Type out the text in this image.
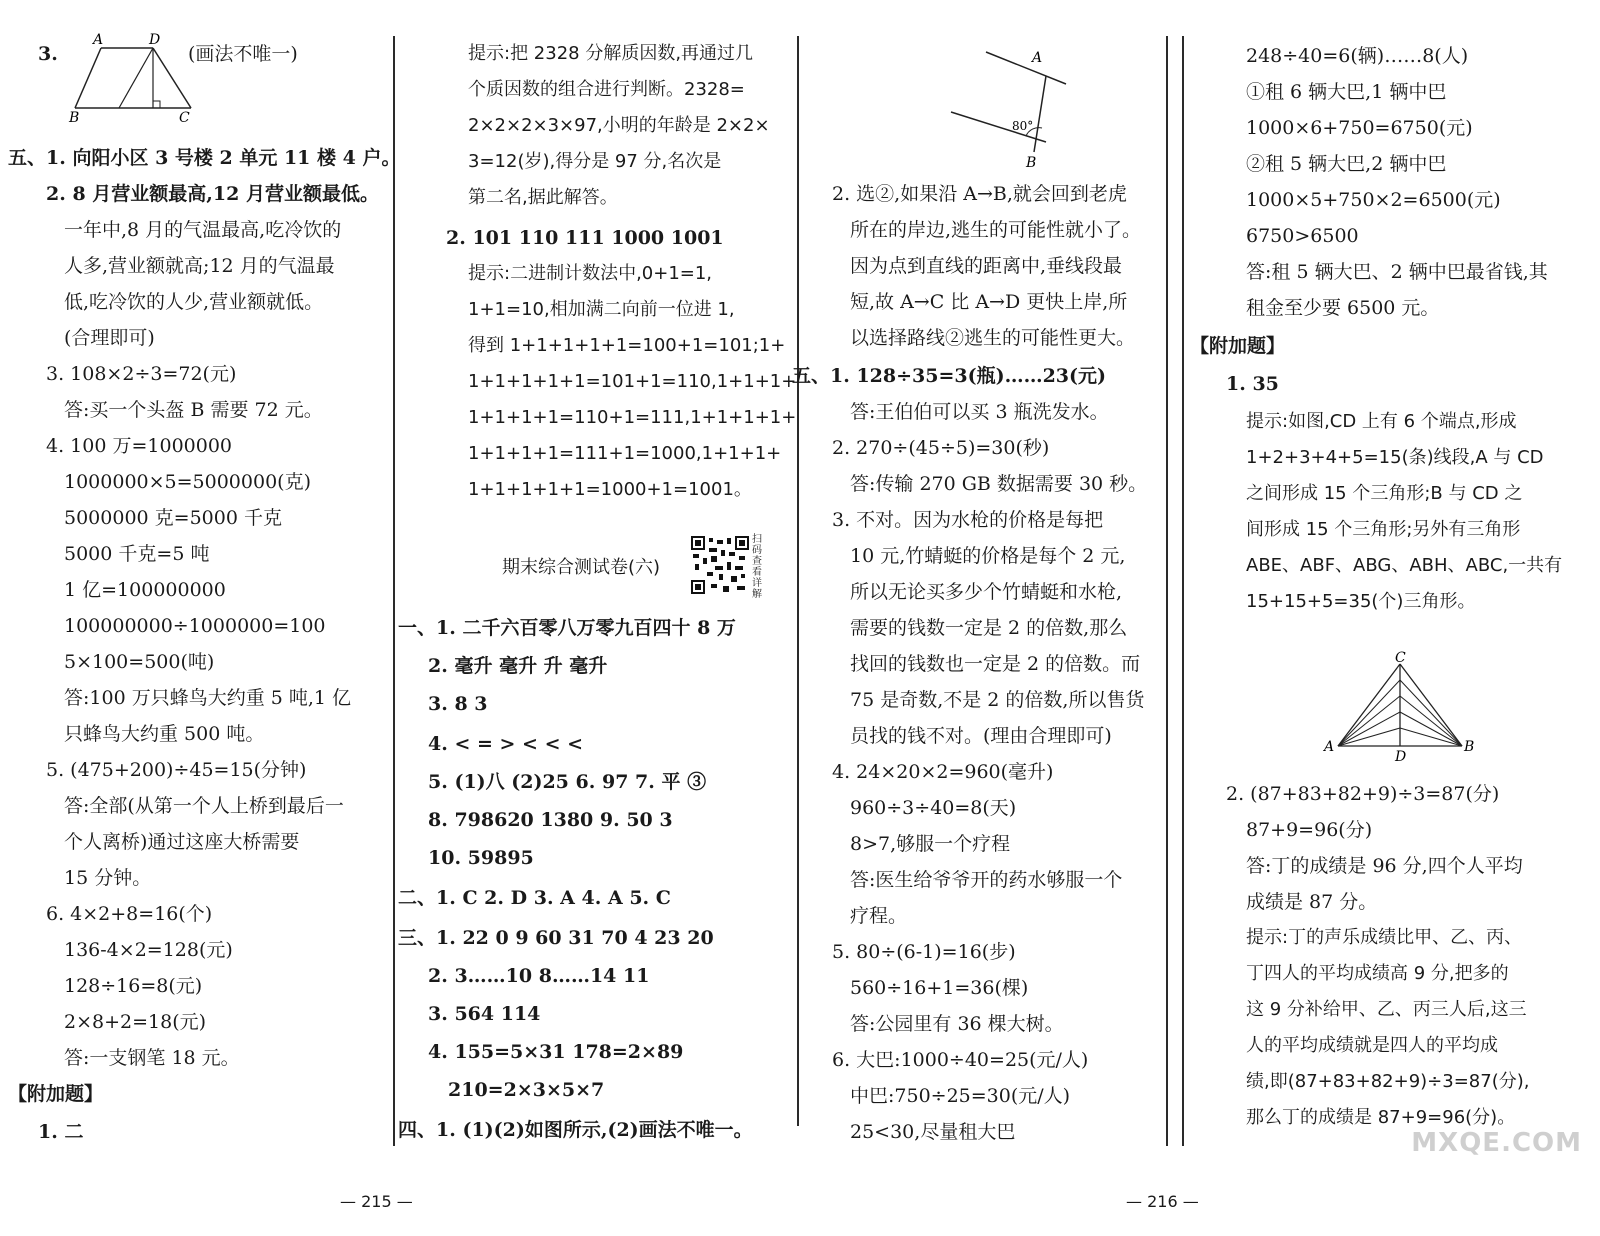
3.
A	D
B	C
(画法不唯一)
五、1. 向阳小区 3 号楼 2 单元 11 楼 4 户。
2. 8 月营业额最高,12 月营业额最低。
一年中,8 月的气温最高,吃冷饮的
人多,营业额就高;12 月的气温最
低,吃冷饮的人少,营业额就低。
(合理即可)
3. 108×2÷3=72(元)
答:买一个头盔 B 需要 72 元。
4. 100 万=1000000
1000000×5=5000000(克)
5000000 克=5000 千克
5000 千克=5 吨
1 亿=100000000
100000000÷1000000=100
5×100=500(吨)
答:100 万只蜂鸟大约重 5 吨,1 亿
只蜂鸟大约重 500 吨。
5. (475+200)÷45=15(分钟)
答:全部(从第一个人上桥到最后一
个人离桥)通过这座大桥需要
15 分钟。
6. 4×2+8=16(个)
136-4×2=128(元)
128÷16=8(元)
2×8+2=18(元)
答:一支钢笔 18 元。
【附加题】
1. 二
— 215 —
提示:把 2328 分解质因数,再通过几
个质因数的组合进行判断。2328=
2×2×2×3×97,小明的年龄是 2×2×
3=12(岁),得分是 97 分,名次是
第二名,据此解答。
2. 101 110 111 1000 1001
提示:二进制计数法中,0+1=1,
1+1=10,相加满二向前一位进 1,
得到 1+1+1+1+1=100+1=101;1+
1+1+1+1+1=101+1=110,1+1+1+
1+1+1+1=110+1=111,1+1+1+1+
1+1+1+1=111+1=1000,1+1+1+
1+1+1+1+1=1000+1=1001。
期末综合测试卷(六)
一、1. 二千六百零八万零九百四十 8 万
2. 毫升 毫升 升 毫升
3. 8 3
4. < = > < < <
5. (1)八 (2)25 6. 97 7. 平 ③
8. 798620 1380 9. 50 3
10. 59895
二、1. C 2. D 3. A 4. A 5. C
三、1. 22 0 9 60 31 70 4 23 20
2. 3……10 8……14 11
3. 564 114
4. 155=5×31 178=2×89
210=2×3×5×7
四、1. (1)(2)如图所示,(2)画法不唯一。
扫码查看详解
A
B
80°
2. 选②,如果沿 A→B,就会回到老虎
所在的岸边,逃生的可能性就小了。
因为点到直线的距离中,垂线段最
短,故 A→C 比 A→D 更快上岸,所
以选择路线②逃生的可能性更大。
五、1. 128÷35=3(瓶)……23(元)
答:王伯伯可以买 3 瓶洗发水。
2. 270÷(45÷5)=30(秒)
答:传输 270 GB 数据需要 30 秒。
3. 不对。因为水枪的价格是每把
10 元,竹蜻蜓的价格是每个 2 元,
所以无论买多少个竹蜻蜓和水枪,
需要的钱数一定是 2 的倍数,那么
找回的钱数也一定是 2 的倍数。而
75 是奇数,不是 2 的倍数,所以售货
员找的钱不对。(理由合理即可)
4. 24×20×2=960(毫升)
960÷3÷40=8(天)
8>7,够服一个疗程
答:医生给爷爷开的药水够服一个
疗程。
5. 80÷(6-1)=16(步)
560÷16+1=36(棵)
答:公园里有 36 棵大树。
6. 大巴:1000÷40=25(元/人)
中巴:750÷25=30(元/人)
25<30,尽量租大巴
— 216 —
248÷40=6(辆)……8(人)
①租 6 辆大巴,1 辆中巴
1000×6+750=6750(元)
②租 5 辆大巴,2 辆中巴
1000×5+750×2=6500(元)
6750>6500
答:租 5 辆大巴、2 辆中巴最省钱,其
租金至少要 6500 元。
【附加题】
1. 35
提示:如图,CD 上有 6 个端点,形成
1+2+3+4+5=15(条)线段,A 与 CD
之间形成 15 个三角形;B 与 CD 之
间形成 15 个三角形;另外有三角形
ABE、ABF、ABG、ABH、ABC,一共有
15+15+5=35(个)三角形。
C
A	B
D
2. (87+83+82+9)÷3=87(分)
87+9=96(分)
答:丁的成绩是 96 分,四个人平均
成绩是 87 分。
提示:丁的声乐成绩比甲、乙、丙、
丁四人的平均成绩高 9 分,把多的
这 9 分补给甲、乙、丙三人后,这三
人的平均成绩就是四人的平均成
绩,即(87+83+82+9)÷3=87(分),
那么丁的成绩是 87+9=96(分)。
MXQE.COM
